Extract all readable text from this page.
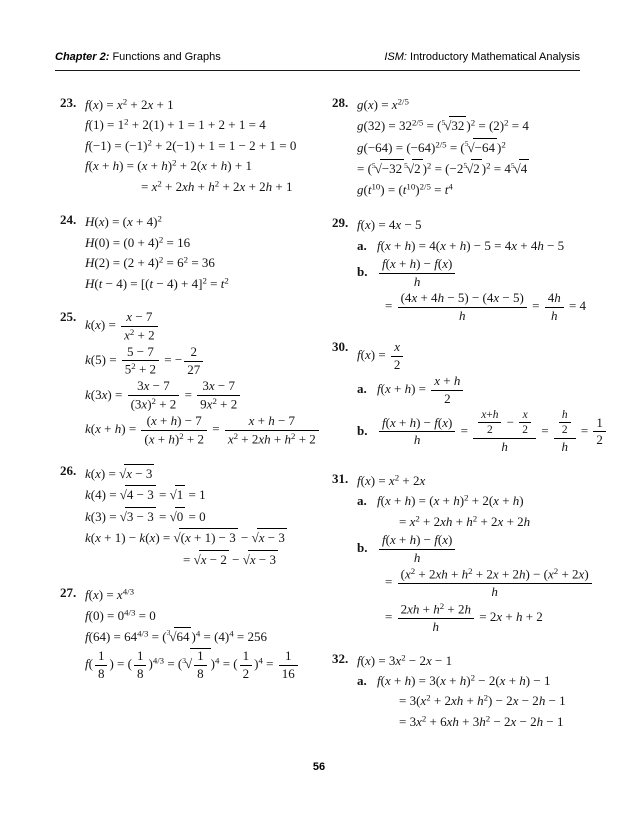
Chapter 2: Functions and Graphs	ISM: Introductory Mathematical Analysis
23. $f(x) = x^2 + 2x + 1$
$f(1) = 1^2 + 2(1) + 1 = 1 + 2 + 1 = 4$
$f(-1) = (-1)^2 + 2(-1) + 1 = 1 - 2 + 1 = 0$
$f(x + h) = (x + h)^2 + 2(x + h) + 1$
= $x^2 + 2xh + h^2 + 2x + 2h + 1$
24. $H(x) = (x + 4)^2$
$H(0) = (0 + 4)^2 = 16$
$H(2) = (2 + 4)^2 = 6^2 = 36$
$H(t - 4) = [(t - 4) + 4]^2 = t^2$
25.
$k(x) = \frac{x - 7}{x^2 + 2}$
$k(5) = \frac{5 - 7}{5^2 + 2}$ = − $\frac{2}{27}$
$k(3x) = \frac{3x - 7}{(3x)^2 + 2} = \frac{3x - 7}{9x^2 + 2}$
$k(x + h) = \frac{(x + h) - 7}{(x + h)^2 + 2} = \frac{x + h - 7}{x^2 + 2xh + h^2 + 2}$
26. k(x) = √x − 3
k(4) = √4 − 3 = √1 = 1
k(3) = √3 − 3 = √0 = 0
k(x + 1) − k(x) = √(x + 1) − 3 − √x − 3
= √x − 2 − √x − 3
27. $f(x) = x^{4/3}$
$f(0) = 0^{4/3} = 0$
$f(64) = 64^{4/3} = (^3√64$ )$^4 = (4)^4 = 256$
$f( \frac{1}{8}$ ) = ( $\frac{1}{8} )^{4/3} = (^3√ \frac{1}{8} )^4$ = ( $\frac{1}{2} )^4 = \frac{1}{16}$
28. $g(x) = x^{2/5}$
$g(32) = 32^{2/5} = (^5√32$ )$^2 = (2)^2 = 4$
$g(-64) = (-64)^{2/5} = (^5√-64$ )$^2$
= ($^5$√−32 $^5$√2 )$^2 = (-2^5√2$ )$^2 = 4^5√4$
$g(t^{10}) = (t^{10})^{2/5} = t^4$
29. f(x) = 4x − 5
a. f(x + h) = 4(x + h) − 5 = 4x + 4h − 5
b. $\frac{f(x + h) - f(x)}{h}$
= $\frac{(4x + 4h - 5) - (4x - 5)}{h} = \frac{4h}{h} = 4$
30.
$f(x) = \frac{x}{2}$
a. $f(x + h) = \frac{x + h}{2}$
b. $\frac{f(x + h) - f(x)}{h} = \frac{\frac{x+h}{2} - \frac{x}{2}}{h} = \frac{\frac{h}{2}}{h} = \frac{1}{2}$
31. $f(x) = x^2 + 2x$
a. $f(x + h) = (x + h)^2 + 2(x + h)$
= $x^2 + 2xh + h^2 + 2x + 2h$
b. $\frac{f(x + h) - f(x)}{h}$
= $\frac{(x^2 + 2xh + h^2 + 2x + 2h) - (x^2 + 2x)}{h}$
= $\frac{2xh + h^2 + 2h}{h} = 2x + h + 2$
32. $f(x) = 3x^2 - 2x - 1$
a. $f(x + h) = 3(x + h)^2 - 2(x + h) - 1$
= $3(x^2 + 2xh + h^2) - 2x - 2h - 1$
= $3x^2 + 6xh + 3h^2 - 2x - 2h - 1$
56
